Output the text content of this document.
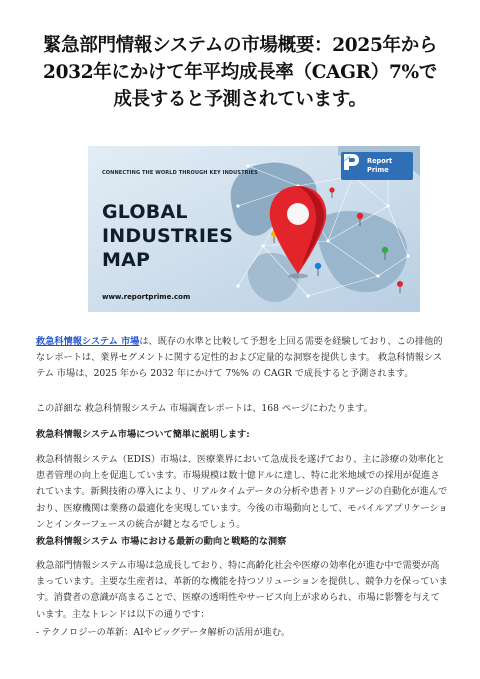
緊急部門情報システムの市場概要：2025年から
2032年にかけて年平均成長率（CAGR）7%で
成長すると予測されています。
CONNECTING THE WORLD THROUGH KEY INDUSTRIES
GLOBAL
INDUSTRIES
MAP
www.reportprime.com
Report
Prime

救急科情報システム 市場は、既存の水準と比較して予想を上回る需要を経験しており、この排他的なレポートは、業界セグメントに関する定性的および定量的な洞察を提供します。 救急科情報システム 市場は、2025 年から 2032 年にかけて 7%% の CAGR で成長すると予測されます。

この詳細な 救急科情報システム 市場調査レポートは、168 ページにわたります。

救急科情報システム市場について簡単に説明します:

救急科情報システム（EDIS）市場は、医療業界において急成長を遂げており、主に診療の効率化と患者管理の向上を促進しています。市場規模は数十億ドルに達し、特に北米地域での採用が促進されています。新興技術の導入により、リアルタイムデータの分析や患者トリアージの自動化が進んでおり、医療機関は業務の最適化を実現しています。今後の市場動向として、モバイルアプリケーションとインターフェースの統合が鍵となるでしょう。

救急科情報システム 市場における最新の動向と戦略的な洞察

救急部門情報システム市場は急成長しており、特に高齢化社会や医療の効率化が進む中で需要が高まっています。主要な生産者は、革新的な機能を持つソリューションを提供し、競争力を保っています。消費者の意識が高まることで、医療の透明性やサービス向上が求められ、市場に影響を与えています。主なトレンドは以下の通りです：

- テクノロジーの革新：AIやビッグデータ解析の活用が進む。
